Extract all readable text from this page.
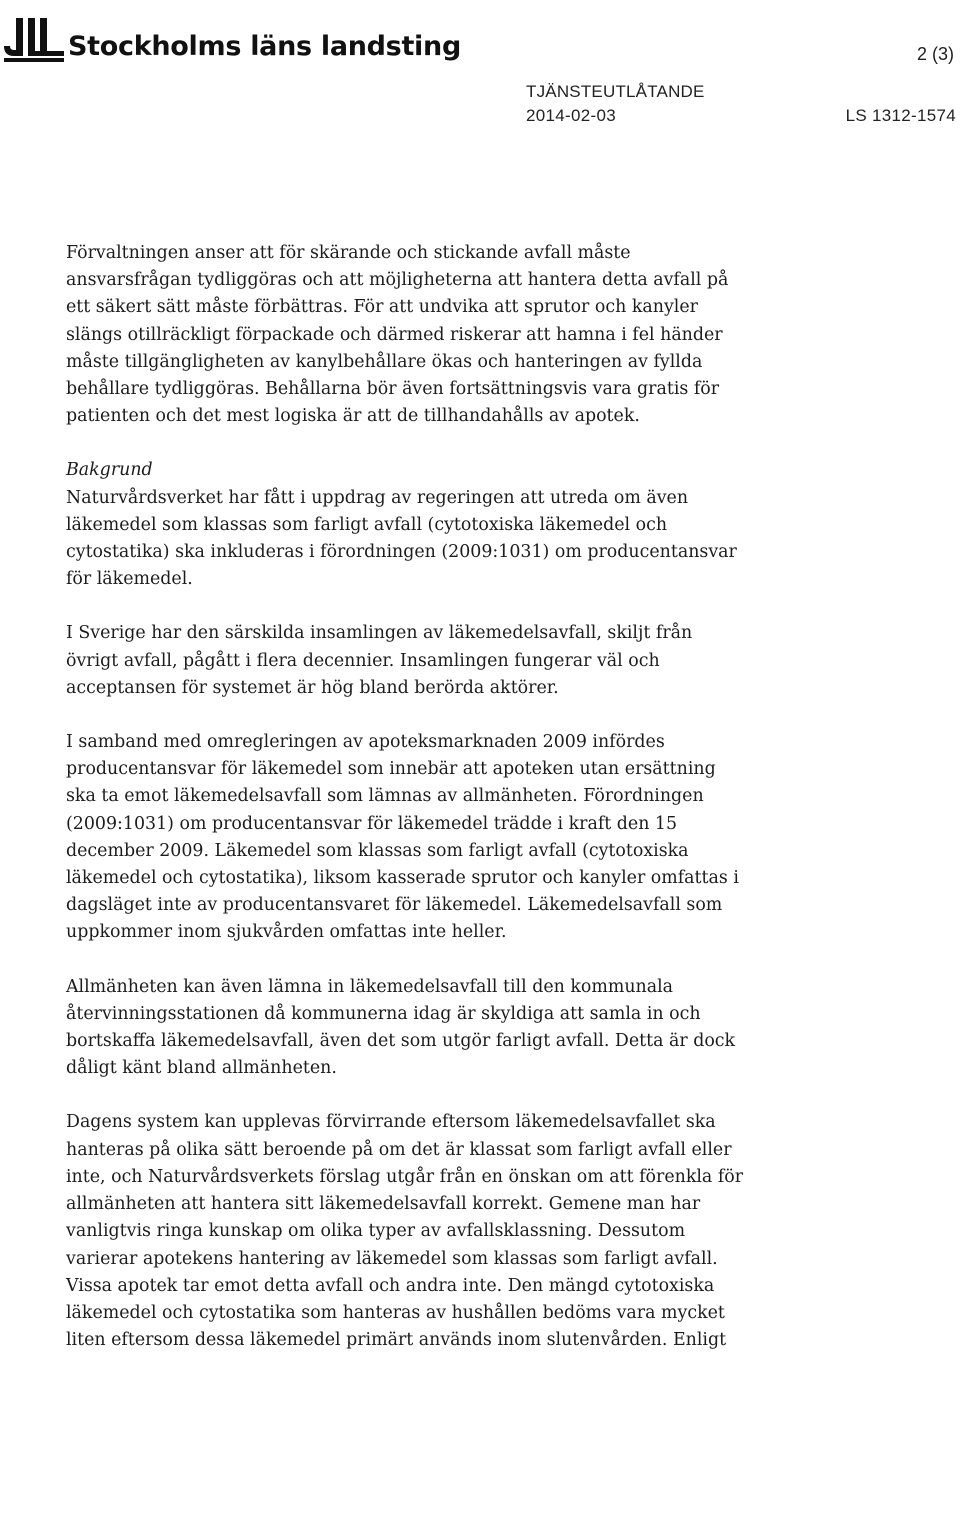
Stockholms läns landsting	2 (3)
TJÄNSTEUTLÅTANDE
2014-02-03	LS 1312-1574

Förvaltningen anser att för skärande och stickande avfall måste
ansvarsfrågan tydliggöras och att möjligheterna att hantera detta avfall på
ett säkert sätt måste förbättras. För att undvika att sprutor och kanyler
slängs otillräckligt förpackade och därmed riskerar att hamna i fel händer
måste tillgängligheten av kanylbehållare ökas och hanteringen av fyllda
behållare tydliggöras. Behållarna bör även fortsättningsvis vara gratis för
patienten och det mest logiska är att de tillhandahålls av apotek.

Bakgrund

Naturvårdsverket har fått i uppdrag av regeringen att utreda om även
läkemedel som klassas som farligt avfall (cytotoxiska läkemedel och
cytostatika) ska inkluderas i förordningen (2009:1031) om producentansvar
för läkemedel.

I Sverige har den särskilda insamlingen av läkemedelsavfall, skiljt från
övrigt avfall, pågått i flera decennier. Insamlingen fungerar väl och
acceptansen för systemet är hög bland berörda aktörer.

I samband med omregleringen av apoteksmarknaden 2009 infördes
producentansvar för läkemedel som innebär att apoteken utan ersättning
ska ta emot läkemedelsavfall som lämnas av allmänheten. Förordningen
(2009:1031) om producentansvar för läkemedel trädde i kraft den 15
december 2009. Läkemedel som klassas som farligt avfall (cytotoxiska
läkemedel och cytostatika), liksom kasserade sprutor och kanyler omfattas i
dagsläget inte av producentansvaret för läkemedel. Läkemedelsavfall som
uppkommer inom sjukvården omfattas inte heller.

Allmänheten kan även lämna in läkemedelsavfall till den kommunala
återvinningsstationen då kommunerna idag är skyldiga att samla in och
bortskaffa läkemedelsavfall, även det som utgör farligt avfall. Detta är dock
dåligt känt bland allmänheten.

Dagens system kan upplevas förvirrande eftersom läkemedelsavfallet ska
hanteras på olika sätt beroende på om det är klassat som farligt avfall eller
inte, och Naturvårdsverkets förslag utgår från en önskan om att förenkla för
allmänheten att hantera sitt läkemedelsavfall korrekt. Gemene man har
vanligtvis ringa kunskap om olika typer av avfallsklassning. Dessutom
varierar apotekens hantering av läkemedel som klassas som farligt avfall.
Vissa apotek tar emot detta avfall och andra inte. Den mängd cytotoxiska
läkemedel och cytostatika som hanteras av hushållen bedöms vara mycket
liten eftersom dessa läkemedel primärt används inom slutenvården. Enligt
